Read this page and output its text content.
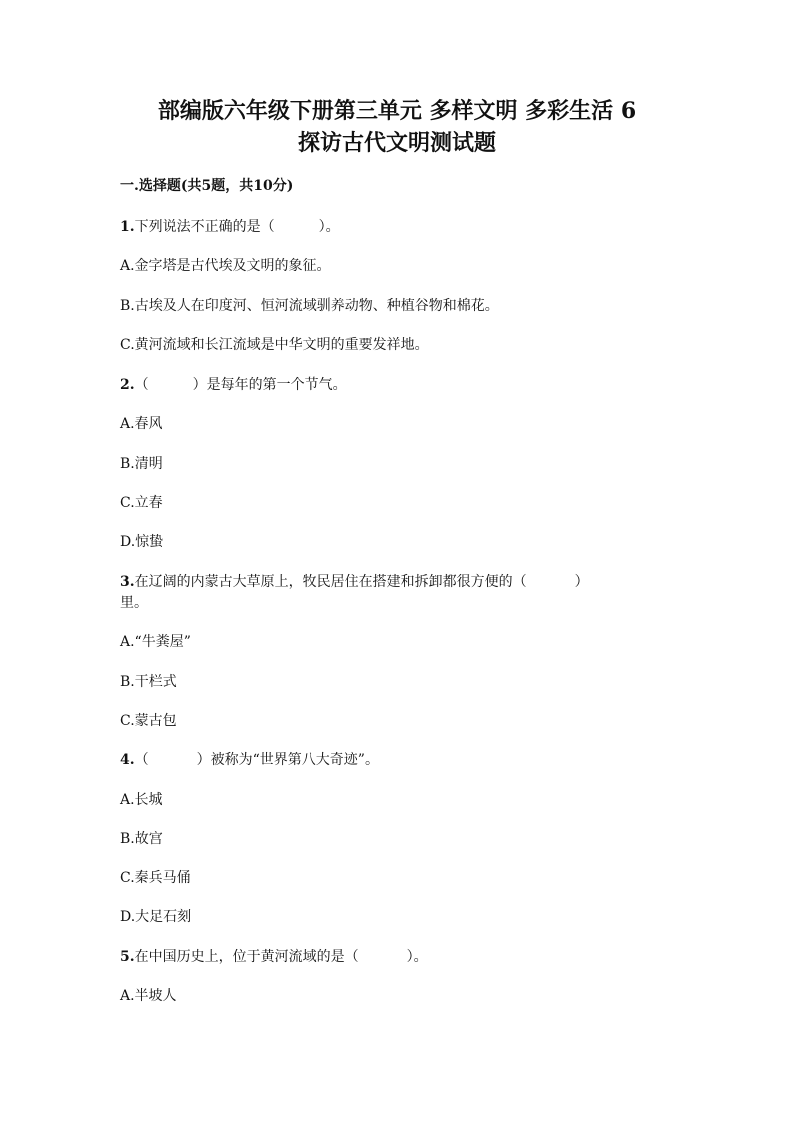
部编版六年级下册第三单元 多样文明 多彩生活 6
探访古代文明测试题
一.选择题(共5题，共10分)
1.下列说法不正确的是（	）。
A.金字塔是古代埃及文明的象征。
B.古埃及人在印度河、恒河流域驯养动物、种植谷物和棉花。
C.黄河流域和长江流域是中华文明的重要发祥地。
2.（	）是每年的第一个节气。
A.春风
B.清明
C.立春
D.惊蛰
3.在辽阔的内蒙古大草原上，牧民居住在搭建和拆卸都很方便的（	）
里。
A.“牛粪屋”
B.干栏式
C.蒙古包
4.（	）被称为“世界第八大奇迹”。
A.长城
B.故宫
C.秦兵马俑
D.大足石刻
5.在中国历史上，位于黄河流域的是（	）。
A.半坡人
